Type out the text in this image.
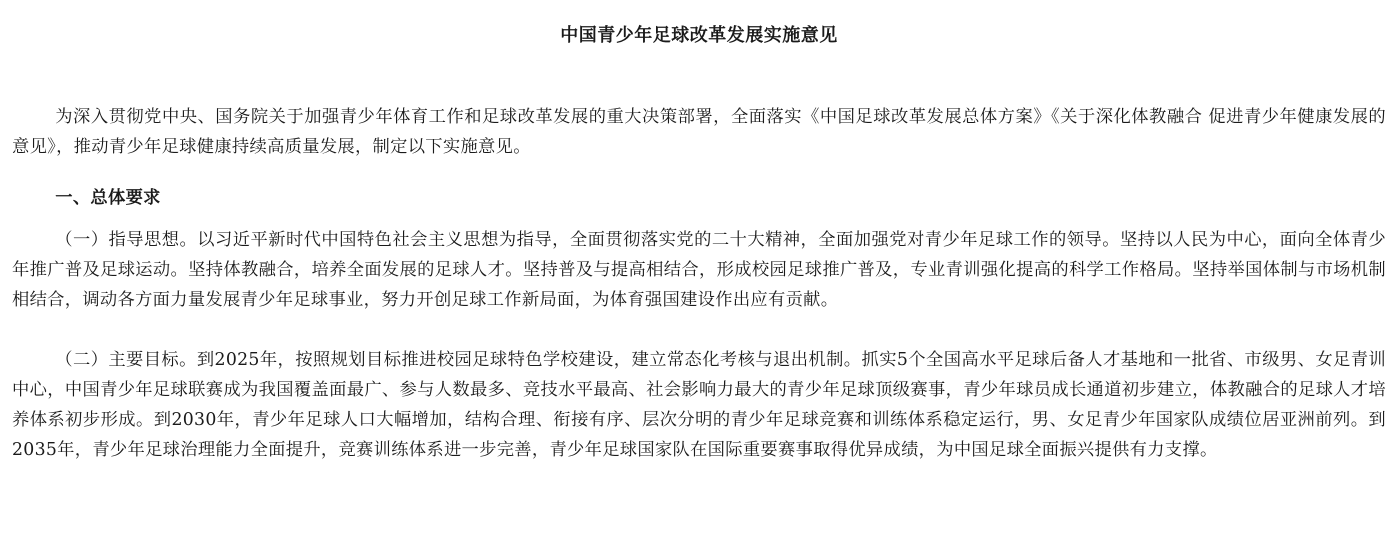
中国青少年足球改革发展实施意见

为深入贯彻党中央、国务院关于加强青少年体育工作和足球改革发展的重大决策部署，全面落实《中国足球改革发展总体方案》《关于深化体教融合 促进青少年健康发展的意见》，推动青少年足球健康持续高质量发展，制定以下实施意见。

一、总体要求

（一）指导思想。以习近平新时代中国特色社会主义思想为指导，全面贯彻落实党的二十大精神，全面加强党对青少年足球工作的领导。坚持以人民为中心，面向全体青少年推广普及足球运动。坚持体教融合，培养全面发展的足球人才。坚持普及与提高相结合，形成校园足球推广普及，专业青训强化提高的科学工作格局。坚持举国体制与市场机制相结合，调动各方面力量发展青少年足球事业，努力开创足球工作新局面，为体育强国建设作出应有贡献。

（二）主要目标。到2025年，按照规划目标推进校园足球特色学校建设，建立常态化考核与退出机制。抓实5个全国高水平足球后备人才基地和一批省、市级男、女足青训中心，中国青少年足球联赛成为我国覆盖面最广、参与人数最多、竞技水平最高、社会影响力最大的青少年足球顶级赛事，青少年球员成长通道初步建立，体教融合的足球人才培养体系初步形成。到2030年，青少年足球人口大幅增加，结构合理、衔接有序、层次分明的青少年足球竞赛和训练体系稳定运行，男、女足青少年国家队成绩位居亚洲前列。到2035年，青少年足球治理能力全面提升，竞赛训练体系进一步完善，青少年足球国家队在国际重要赛事取得优异成绩，为中国足球全面振兴提供有力支撑。
